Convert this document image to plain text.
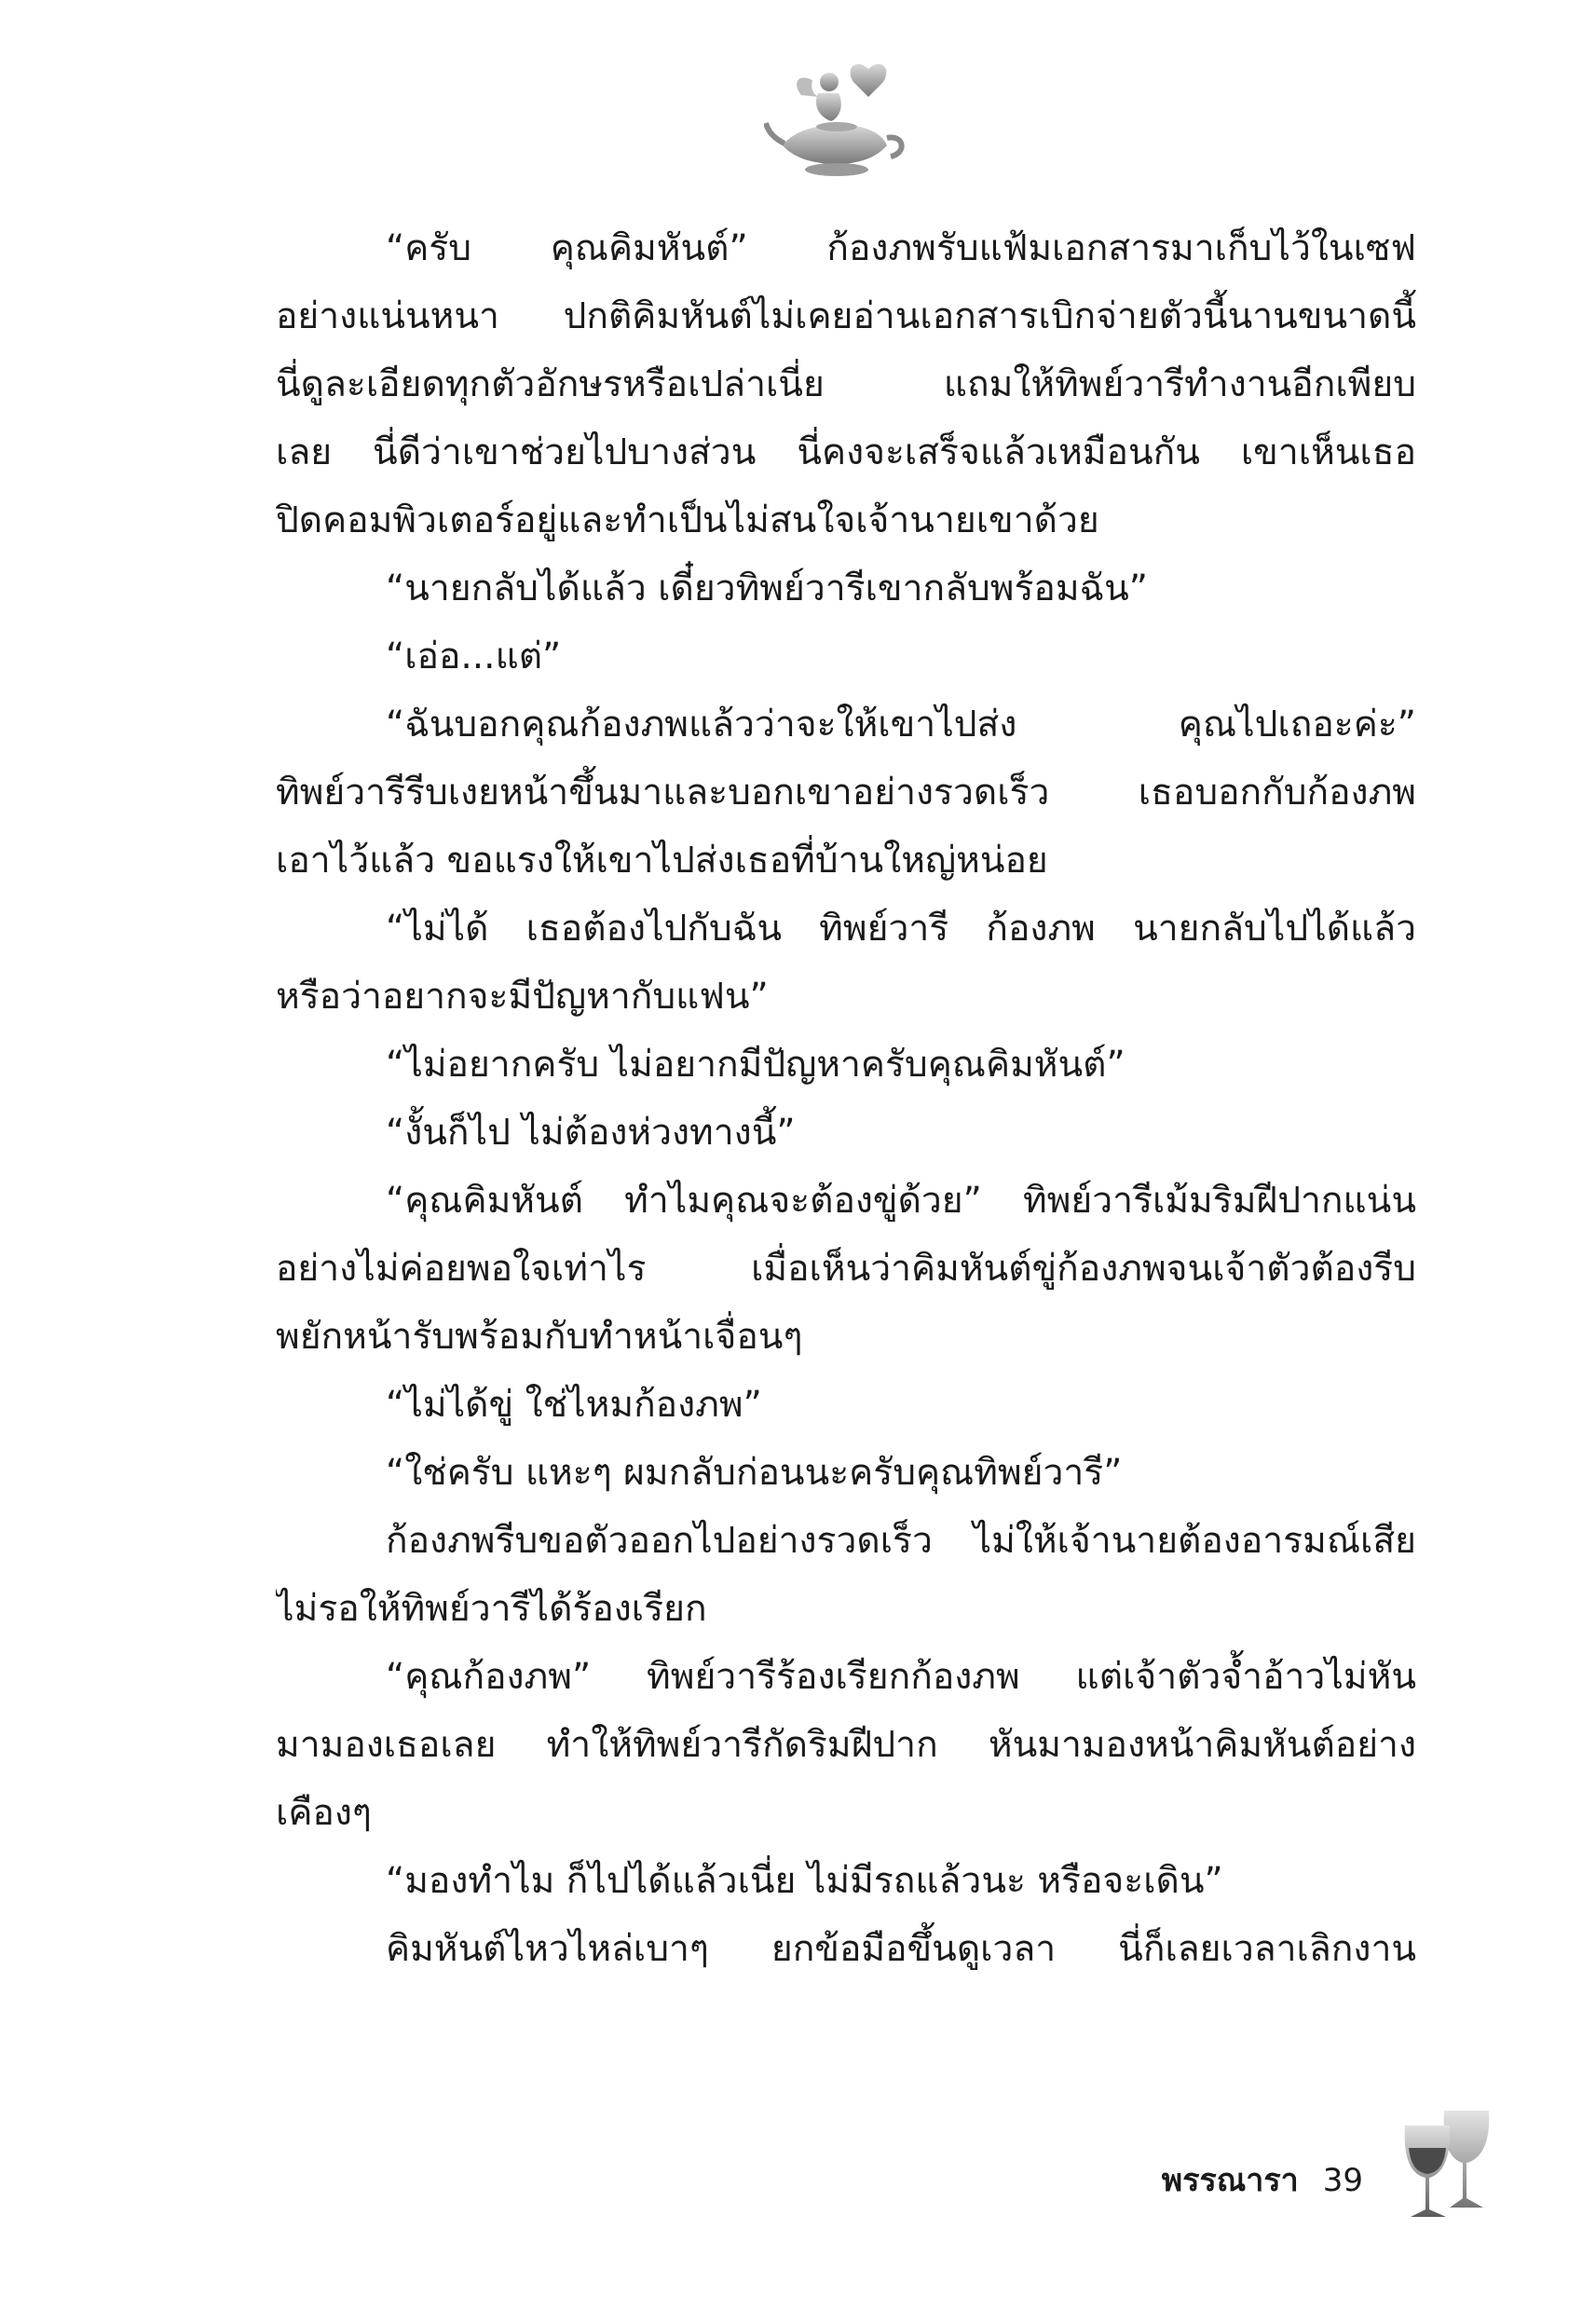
“ครับ คุณคิมหันต์” ก้องภพรับแฟ้มเอกสารมาเก็บไว้ในเซฟ
อย่างแน่นหนา ปกติคิมหันต์ไม่เคยอ่านเอกสารเบิกจ่ายตัวนี้นานขนาดนี้
นี่ดูละเอียดทุกตัวอักษรหรือเปล่าเนี่ย แถมให้ทิพย์วารีทำงานอีกเพียบ
เลย นี่ดีว่าเขาช่วยไปบางส่วน นี่คงจะเสร็จแล้วเหมือนกัน เขาเห็นเธอ
ปิดคอมพิวเตอร์อยู่และทำเป็นไม่สนใจเจ้านายเขาด้วย
“นายกลับได้แล้ว เดี๋ยวทิพย์วารีเขากลับพร้อมฉัน”
“เอ่อ...แต่”
“ฉันบอกคุณก้องภพแล้วว่าจะให้เขาไปส่ง คุณไปเถอะค่ะ”
ทิพย์วารีรีบเงยหน้าขึ้นมาและบอกเขาอย่างรวดเร็ว เธอบอกกับก้องภพ
เอาไว้แล้ว ขอแรงให้เขาไปส่งเธอที่บ้านใหญ่หน่อย
“ไม่ได้ เธอต้องไปกับฉัน ทิพย์วารี ก้องภพ นายกลับไปได้แล้ว
หรือว่าอยากจะมีปัญหากับแฟน”
“ไม่อยากครับ ไม่อยากมีปัญหาครับคุณคิมหันต์”
“งั้นก็ไป ไม่ต้องห่วงทางนี้”
“คุณคิมหันต์ ทำไมคุณจะต้องขู่ด้วย” ทิพย์วารีเม้มริมฝีปากแน่น
อย่างไม่ค่อยพอใจเท่าไร เมื่อเห็นว่าคิมหันต์ขู่ก้องภพจนเจ้าตัวต้องรีบ
พยักหน้ารับพร้อมกับทำหน้าเจื่อนๆ
“ไม่ได้ขู่ ใช่ไหมก้องภพ”
“ใช่ครับ แหะๆ ผมกลับก่อนนะครับคุณทิพย์วารี”
ก้องภพรีบขอตัวออกไปอย่างรวดเร็ว ไม่ให้เจ้านายต้องอารมณ์เสีย
ไม่รอให้ทิพย์วารีได้ร้องเรียก
“คุณก้องภพ” ทิพย์วารีร้องเรียกก้องภพ แต่เจ้าตัวจ้ำอ้าวไม่หัน
มามองเธอเลย ทำให้ทิพย์วารีกัดริมฝีปาก หันมามองหน้าคิมหันต์อย่าง
เคืองๆ
“มองทำไม ก็ไปได้แล้วเนี่ย ไม่มีรถแล้วนะ หรือจะเดิน”
คิมหันต์ไหวไหล่เบาๆ ยกข้อมือขึ้นดูเวลา นี่ก็เลยเวลาเลิกงาน
พรรณารา 39
